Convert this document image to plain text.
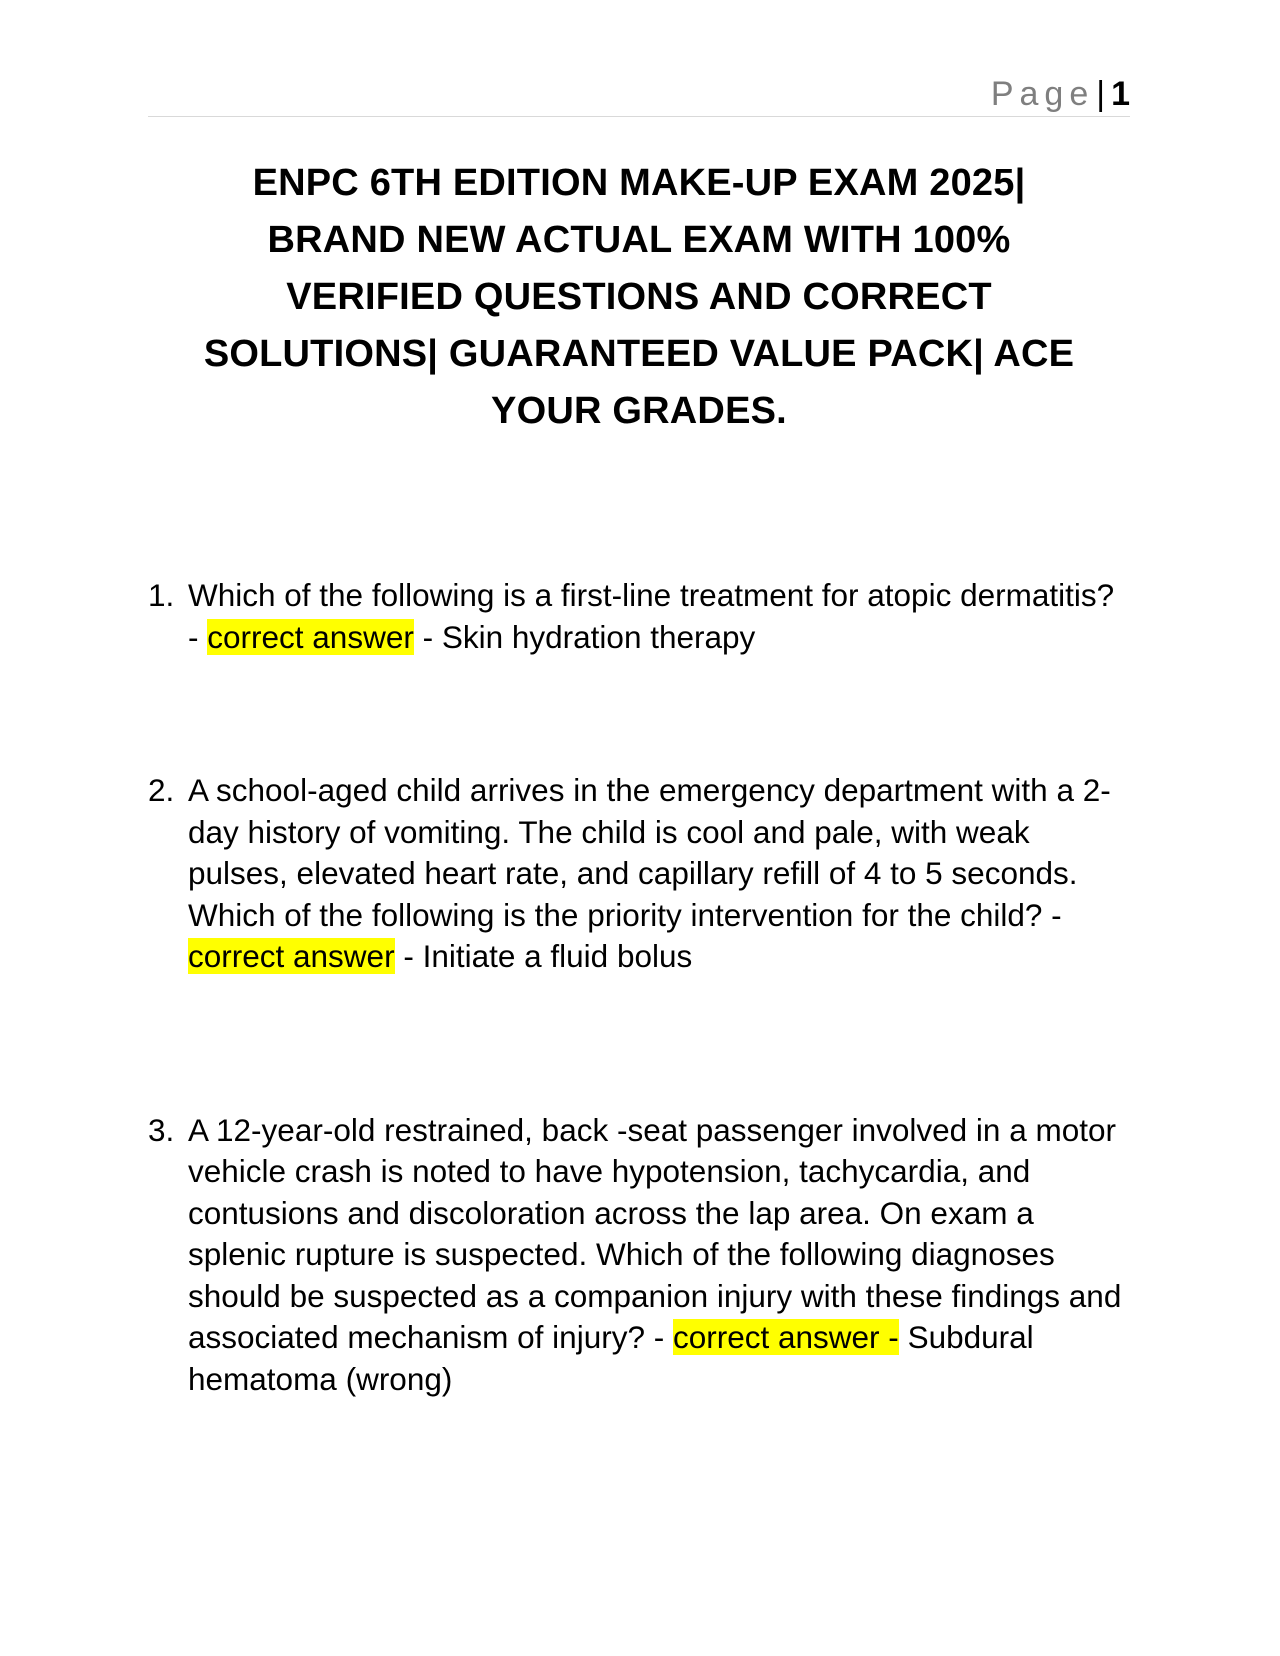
Page| 1
ENPC 6TH EDITION MAKE-UP EXAM 2025|
BRAND NEW ACTUAL EXAM WITH 100%
VERIFIED QUESTIONS AND CORRECT
SOLUTIONS| GUARANTEED VALUE PACK| ACE
YOUR GRADES.
1. Which of the following is a first-line treatment for atopic dermatitis? - correct answer - Skin hydration therapy
2. A school-aged child arrives in the emergency department with a 2-day history of vomiting. The child is cool and pale, with weak pulses, elevated heart rate, and capillary refill of 4 to 5 seconds. Which of the following is the priority intervention for the child? - correct answer - Initiate a fluid bolus
3. A 12-year-old restrained, back -seat passenger involved in a motor vehicle crash is noted to have hypotension, tachycardia, and contusions and discoloration across the lap area. On exam a splenic rupture is suspected. Which of the following diagnoses should be suspected as a companion injury with these findings and associated mechanism of injury? - correct answer - Subdural hematoma (wrong)
